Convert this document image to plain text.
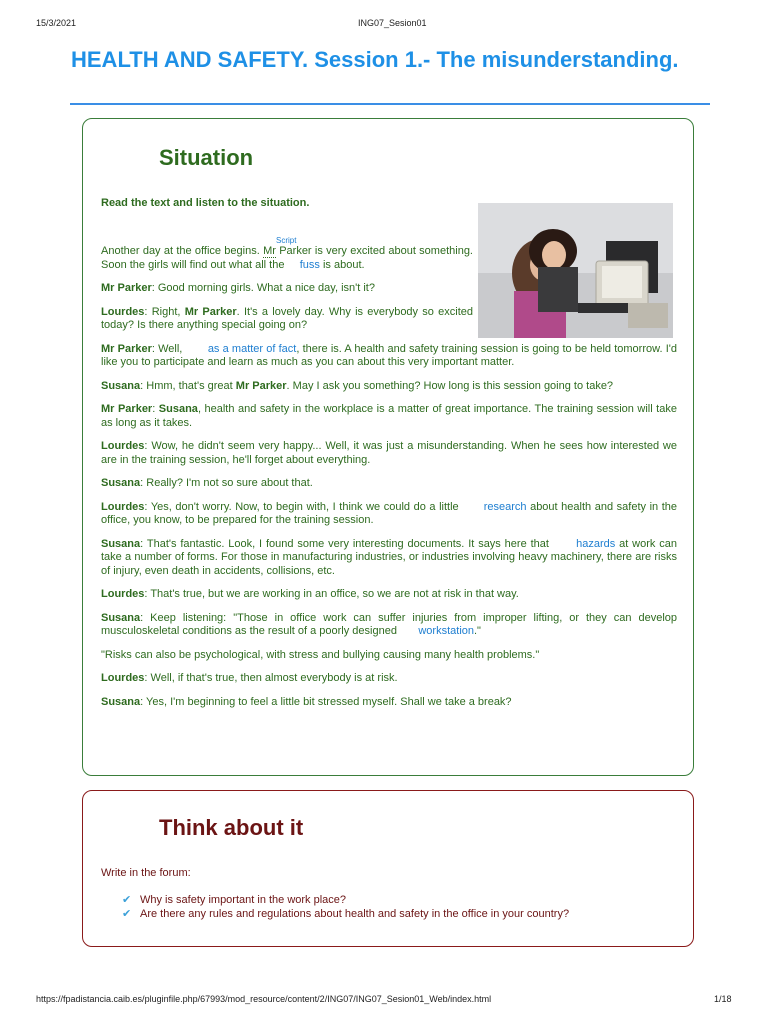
15/3/2021	ING07_Sesion01
HEALTH AND SAFETY. Session 1.- The misunderstanding.
Situation
Read the text and listen to the situation.
Script

Another day at the office begins. Mr Parker is very excited about something. Soon the girls will find out what all the     fuss is about.

Mr Parker: Good morning girls. What a nice day, isn't it?

Lourdes: Right, Mr Parker. It's a lovely day. Why is everybody so excited today? Is there anything special going on?

Mr Parker: Well,        as a matter of fact, there is. A health and safety training session is going to be held tomorrow. I'd like you to participate and learn as much as you can about this very important matter.

Susana: Hmm, that's great Mr Parker. May I ask you something? How long is this session going to take?

Mr Parker: Susana, health and safety in the workplace is a matter of great importance. The training session will take as long as it takes.

Lourdes: Wow, he didn't seem very happy... Well, it was just a misunderstanding. When he sees how interested we are in the training session, he'll forget about everything.

Susana: Really? I'm not so sure about that.

Lourdes: Yes, don't worry. Now, to begin with, I think we could do a little       research about health and safety in the office, you know, to be prepared for the training session.

Susana: That's fantastic. Look, I found some very interesting documents. It says here that       hazards at work can take a number of forms. For those in manufacturing industries, or industries involving heavy machinery, there are risks of injury, even death in accidents, collisions, etc.

Lourdes: That's true, but we are working in an office, so we are not at risk in that way.

Susana: Keep listening: "Those in office work can suffer injuries from improper lifting, or they can develop musculoskeletal conditions as the result of a poorly designed       workstation."

"Risks can also be psychological, with stress and bullying causing many health problems."

Lourdes: Well, if that's true, then almost everybody is at risk.

Susana: Yes, I'm beginning to feel a little bit stressed myself. Shall we take a break?

Think about it
Write in the forum:
✔ Why is safety important in the work place?
✔ Are there any rules and regulations about health and safety in the office in your country?
https://fpadistancia.caib.es/pluginfile.php/67993/mod_resource/content/2/ING07/ING07_Sesion01_Web/index.html	1/18
